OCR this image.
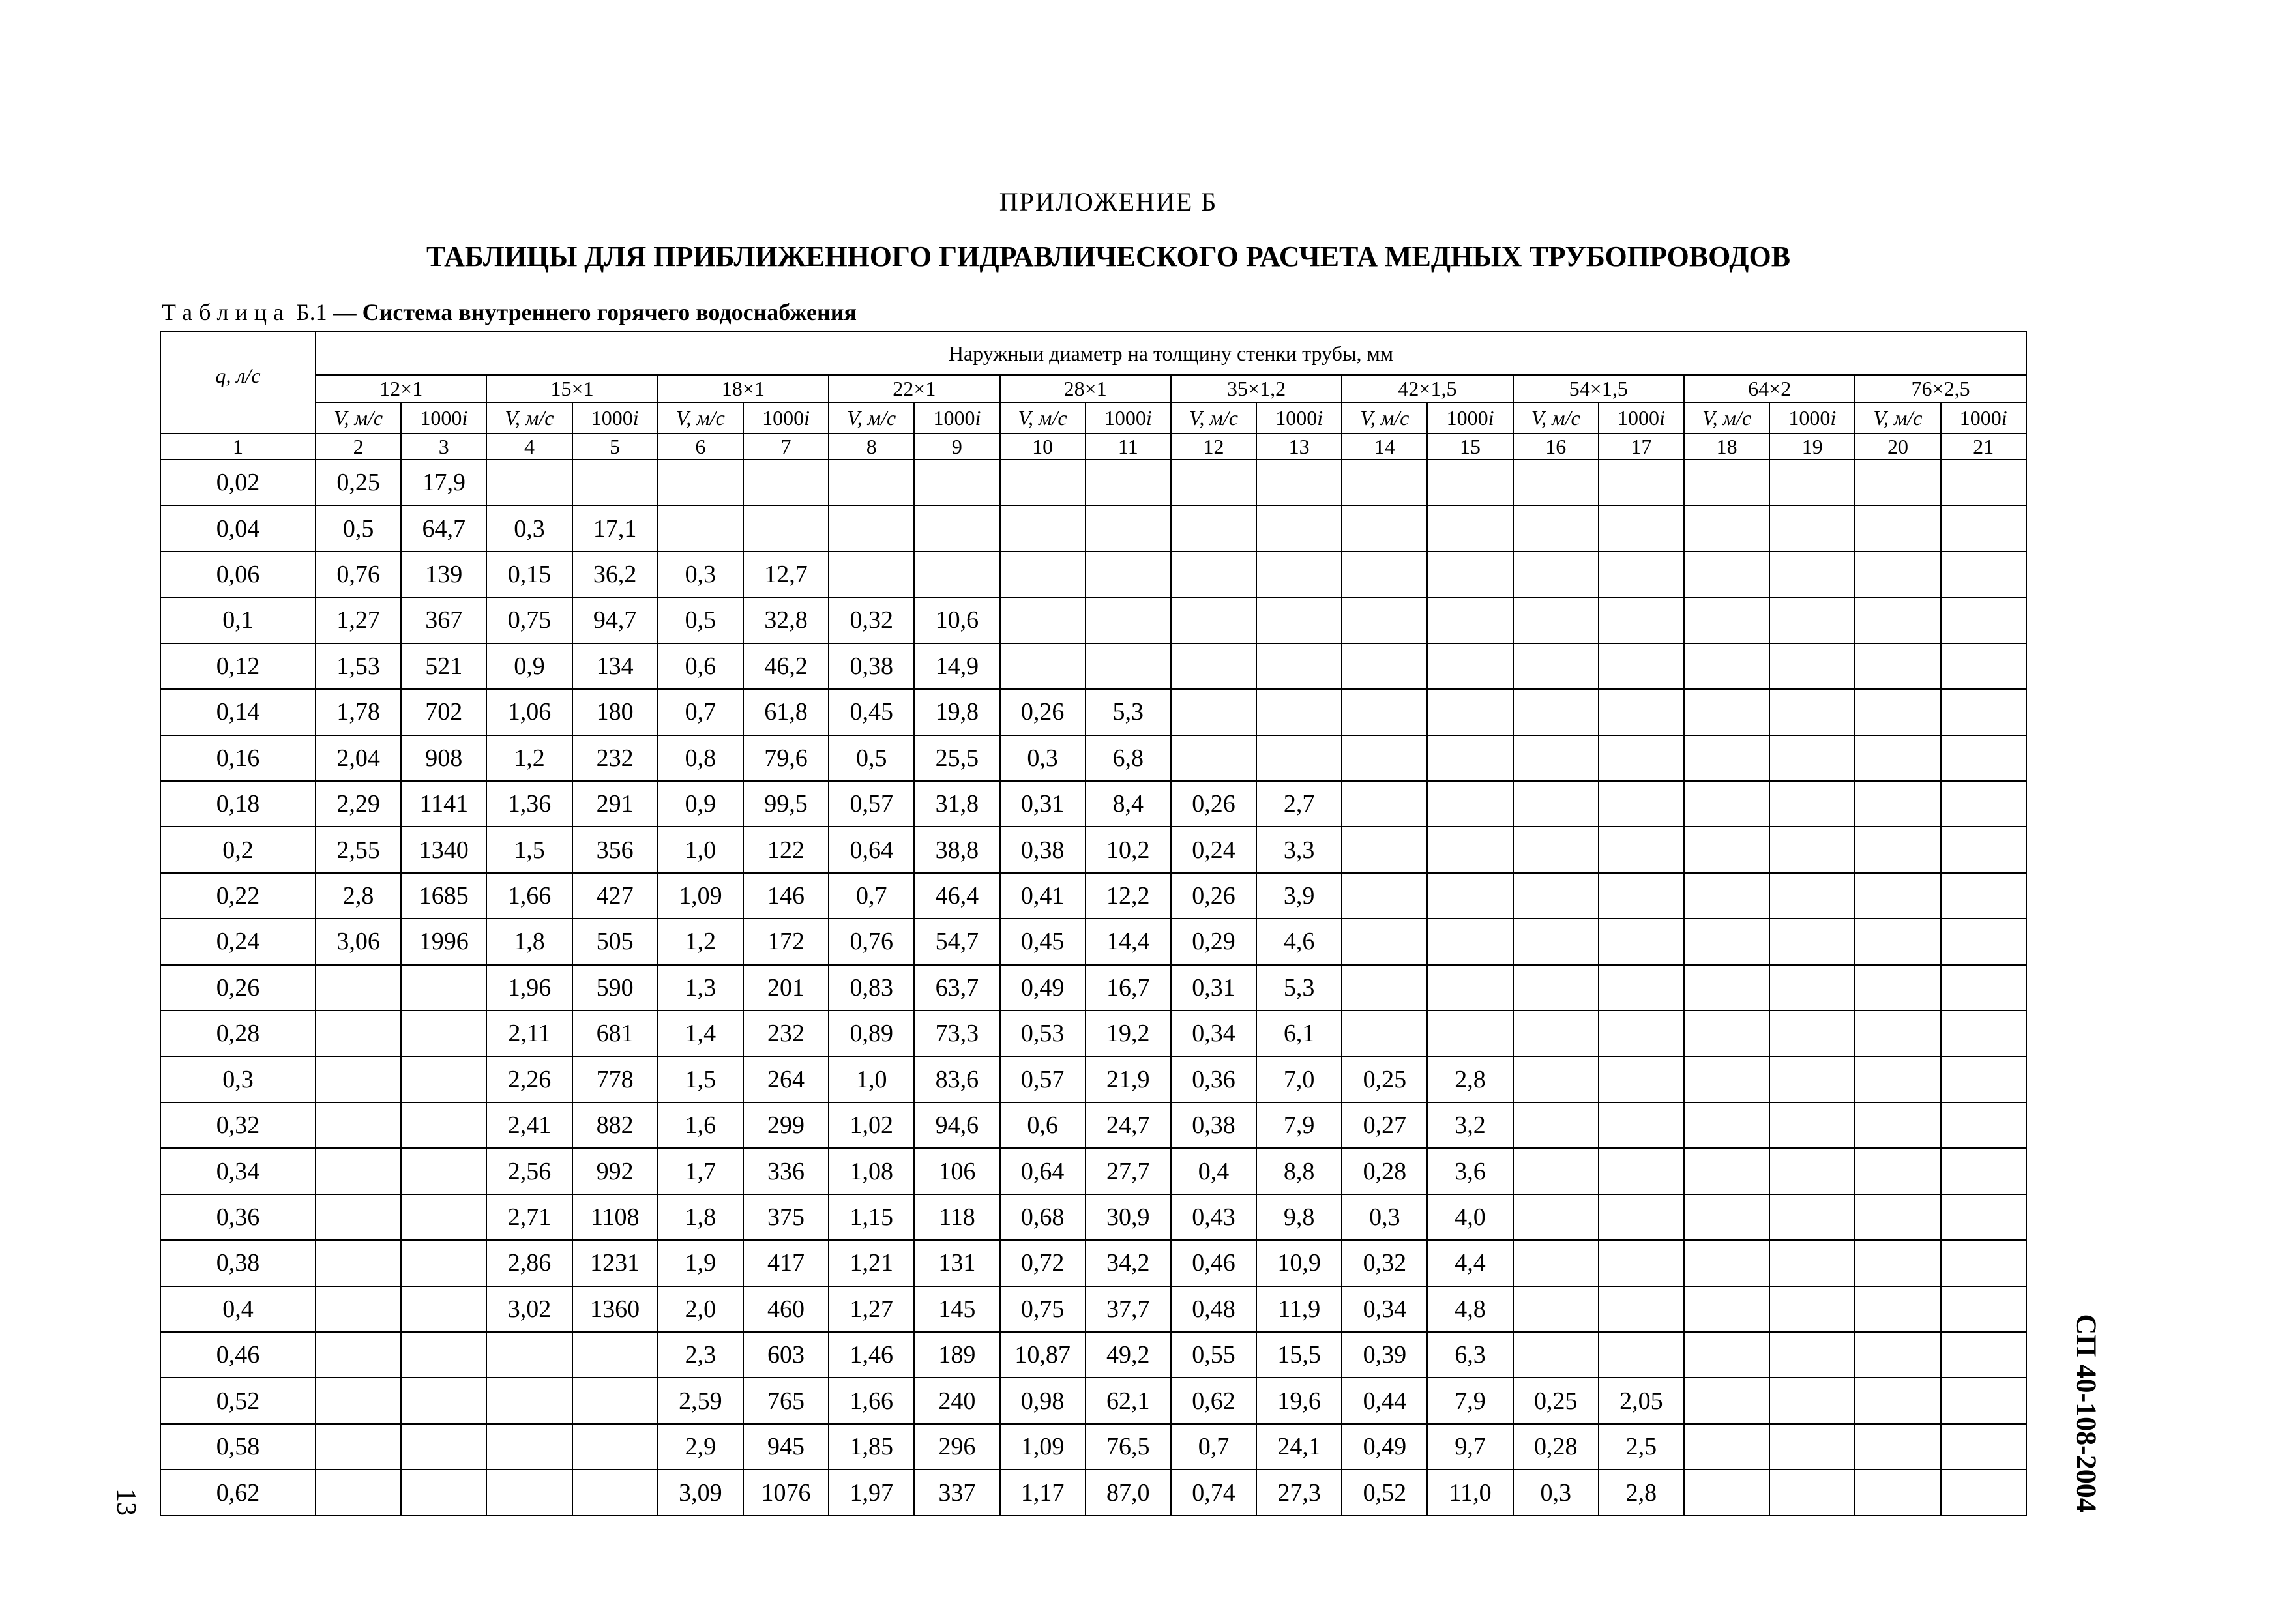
ПРИЛОЖЕНИЕ Б
ТАБЛИЦЫ ДЛЯ ПРИБЛИЖЕННОГО ГИДРАВЛИЧЕСКОГО РАСЧЕТА МЕДНЫХ ТРУБОПРОВОДОВ
Таблица Б.1 — Система внутреннего горячего водоснабжения
q, л/с	Наружныи диаметр на толщину стенки трубы, мм																			
	12×1		15×1		18×1		22×1		28×1		35×1,2		42×1,5		54×1,5		64×2		76×2,5	
	V, м/с	1000i	V, м/с	1000i	V, м/с	1000i	V, м/с	1000i	V, м/с	1000i	V, м/с	1000i	V, м/с	1000i	V, м/с	1000i	V, м/с	1000i	V, м/с	1000i
1	2	3	4	5	6	7	8	9	10	11	12	13	14	15	16	17	18	19	20	21
0,02	0,25	17,9																		
0,04	0,5	64,7	0,3	17,1																
0,06	0,76	139	0,15	36,2	0,3	12,7														
0,1	1,27	367	0,75	94,7	0,5	32,8	0,32	10,6												
0,12	1,53	521	0,9	134	0,6	46,2	0,38	14,9												
0,14	1,78	702	1,06	180	0,7	61,8	0,45	19,8	0,26	5,3										
0,16	2,04	908	1,2	232	0,8	79,6	0,5	25,5	0,3	6,8										
0,18	2,29	1141	1,36	291	0,9	99,5	0,57	31,8	0,31	8,4	0,26	2,7								
0,2	2,55	1340	1,5	356	1,0	122	0,64	38,8	0,38	10,2	0,24	3,3								
0,22	2,8	1685	1,66	427	1,09	146	0,7	46,4	0,41	12,2	0,26	3,9								
0,24	3,06	1996	1,8	505	1,2	172	0,76	54,7	0,45	14,4	0,29	4,6								
0,26			1,96	590	1,3	201	0,83	63,7	0,49	16,7	0,31	5,3								
0,28			2,11	681	1,4	232	0,89	73,3	0,53	19,2	0,34	6,1								
0,3			2,26	778	1,5	264	1,0	83,6	0,57	21,9	0,36	7,0	0,25	2,8						
0,32			2,41	882	1,6	299	1,02	94,6	0,6	24,7	0,38	7,9	0,27	3,2						
0,34			2,56	992	1,7	336	1,08	106	0,64	27,7	0,4	8,8	0,28	3,6						
0,36			2,71	1108	1,8	375	1,15	118	0,68	30,9	0,43	9,8	0,3	4,0						
0,38			2,86	1231	1,9	417	1,21	131	0,72	34,2	0,46	10,9	0,32	4,4						
0,4			3,02	1360	2,0	460	1,27	145	0,75	37,7	0,48	11,9	0,34	4,8						
0,46					2,3	603	1,46	189	10,87	49,2	0,55	15,5	0,39	6,3						
0,52					2,59	765	1,66	240	0,98	62,1	0,62	19,6	0,44	7,9	0,25	2,05				
0,58					2,9	945	1,85	296	1,09	76,5	0,7	24,1	0,49	9,7	0,28	2,5				
0,62					3,09	1076	1,97	337	1,17	87,0	0,74	27,3	0,52	11,0	0,3	2,8				
13	СП 40-108-2004
